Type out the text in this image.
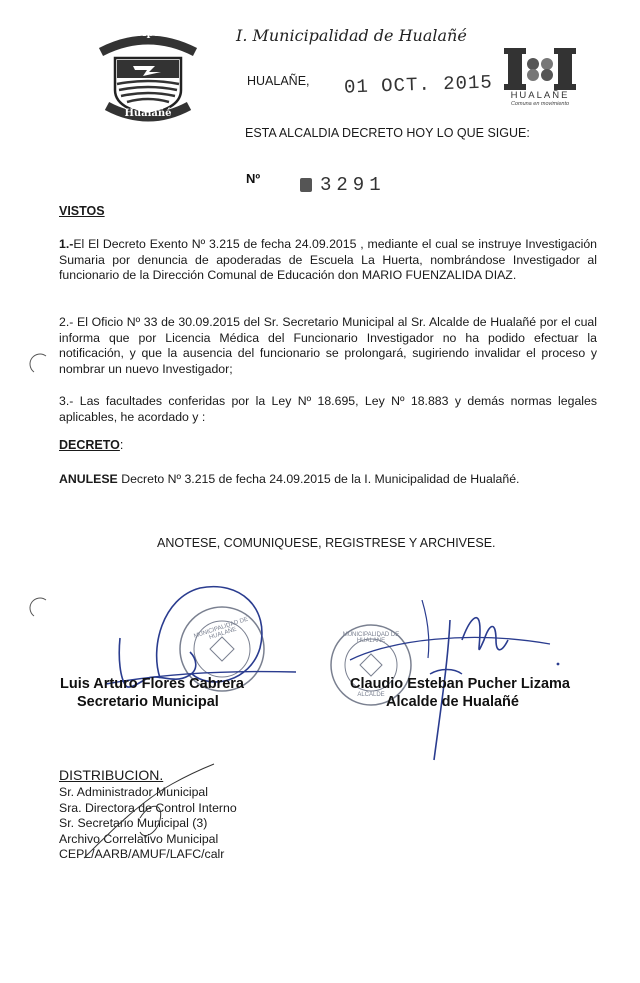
Municipalidad
Hualañé
I. Municipalidad de Hualañé
HUALAÑE, 01 OCT. 2015	HUALAÑE
Comuna en movimiento
ESTA ALCALDIA DECRETO HOY LO QUE SIGUE:
Nº	3291
VISTOS
1.-El El Decreto Exento Nº 3.215 de fecha 24.09.2015 , mediante el cual se instruye Investigación Sumaria por denuncia de apoderadas de Escuela La Huerta, nombrándose Investigador al funcionario de la Dirección Comunal de Educación don MARIO FUENZALIDA DIAZ.
2.- El Oficio Nº 33 de 30.09.2015 del Sr. Secretario Municipal al Sr. Alcalde de Hualañé por el cual informa que por Licencia Médica del Funcionario Investigador no ha podido efectuar la notificación, y que la ausencia del funcionario se prolongará, sugiriendo invalidar el proceso y nombrar un nuevo Investigador;
3.- Las facultades conferidas por la Ley Nº 18.695, Ley Nº 18.883 y demás normas legales aplicables, he acordado y :
DECRETO:
ANULESE Decreto Nº 3.215 de fecha 24.09.2015 de la I. Municipalidad de Hualañé.
ANOTESE, COMUNIQUESE, REGISTRESE Y ARCHIVESE.
MUNICIPALIDAD DE HUALAÑE	MUNICIPALIDAD DE HUALAÑE
ALCALDE
Luis Arturo Flores Cabrera
Secretario Municipal
Claudio Esteban Pucher Lizama
Alcalde de Hualañé
DISTRIBUCION.
Sr. Administrador Municipal
Sra. Directora de Control Interno
Sr. Secretario Municipal (3)
Archivo Correlativo Municipal
CEPL/AARB/AMUF/LAFC/calr
